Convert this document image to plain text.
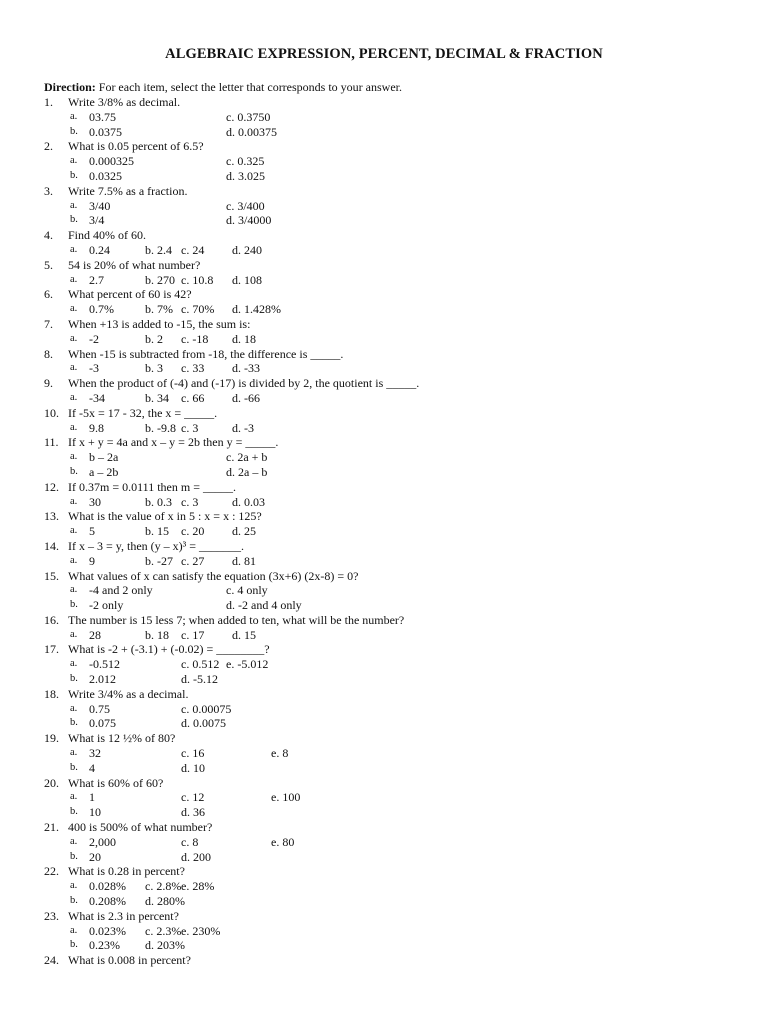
ALGEBRAIC EXPRESSION, PERCENT, DECIMAL & FRACTION
Direction: For each item, select the letter that corresponds to your answer.
1. Write 3/8% as decimal.
a. 03.75	c. 0.3750
b. 0.0375	d. 0.00375
2. What is 0.05 percent of 6.5?
a. 0.000325	c. 0.325
b. 0.0325	d. 3.025
3. Write 7.5% as a fraction.
a. 3/40	c. 3/400
b. 3/4	d. 3/4000
4. Find 40% of 60.
a. 0.24	b. 2.4 c. 24 d. 240
5. 54 is 20% of what number?
a. 2.7	b. 270 c. 10.8 d. 108
6. What percent of 60 is 42?
a. 0.7%	b. 7% c. 70% d. 1.428%
7. When +13 is added to -15, the sum is:
a. -2	b. 2 c. -18 d. 18
8. When -15 is subtracted from -18, the difference is _____.
a. -3	b. 3 c. 33 d. -33
9. When the product of (-4) and (-17) is divided by 2, the quotient is _____.
a. -34	b. 34 c. 66 d. -66
10. If -5x = 17 - 32, the x = _____.
a. 9.8	b. -9.8 c. 3	d. -3
11. If x + y = 4a and x – y = 2b then y = _____.
a. b – 2a	c. 2a + b
b. a – 2b	d. 2a – b
12. If 0.37m = 0.0111 then m = _____.
a. 30	b. 0.3 c. 3	d. 0.03
13. What is the value of x in 5 : x = x : 125?
a. 5	b. 15 c. 20 d. 25
14. If x – 3 = y, then (y – x)³ = _______.
a. 9	b. -27 c. 27 d. 81
15. What values of x can satisfy the equation (3x+6) (2x-8) = 0?
a. -4 and 2 only	c. 4 only
b. -2 only	d. -2 and 4 only
16. The number is 15 less 7; when added to ten, what will be the number?
a. 28	b. 18 c. 17 d. 15
17. What is -2 + (-3.1) + (-0.02) = ________?
a. -0.512	c. 0.512 e. -5.012
b. 2.012	d. -5.12
18. Write 3/4% as a decimal.
a. 0.75	c. 0.00075
b. 0.075	d. 0.0075
19. What is 12 ½% of 80?
a. 32	c. 16	e. 8
b. 4	d. 10
20. What is 60% of 60?
a. 1	c. 12	e. 100
b. 10	d. 36
21. 400 is 500% of what number?
a. 2,000	c. 8	e. 80
b. 20	d. 200
22. What is 0.28 in percent?
a. 0.028% c. 2.8% e. 28%
b. 0.208% d. 280%
23. What is 2.3 in percent?
a. 0.023% c. 2.3% e. 230%
b. 0.23% d. 203%
24. What is 0.008 in percent?
